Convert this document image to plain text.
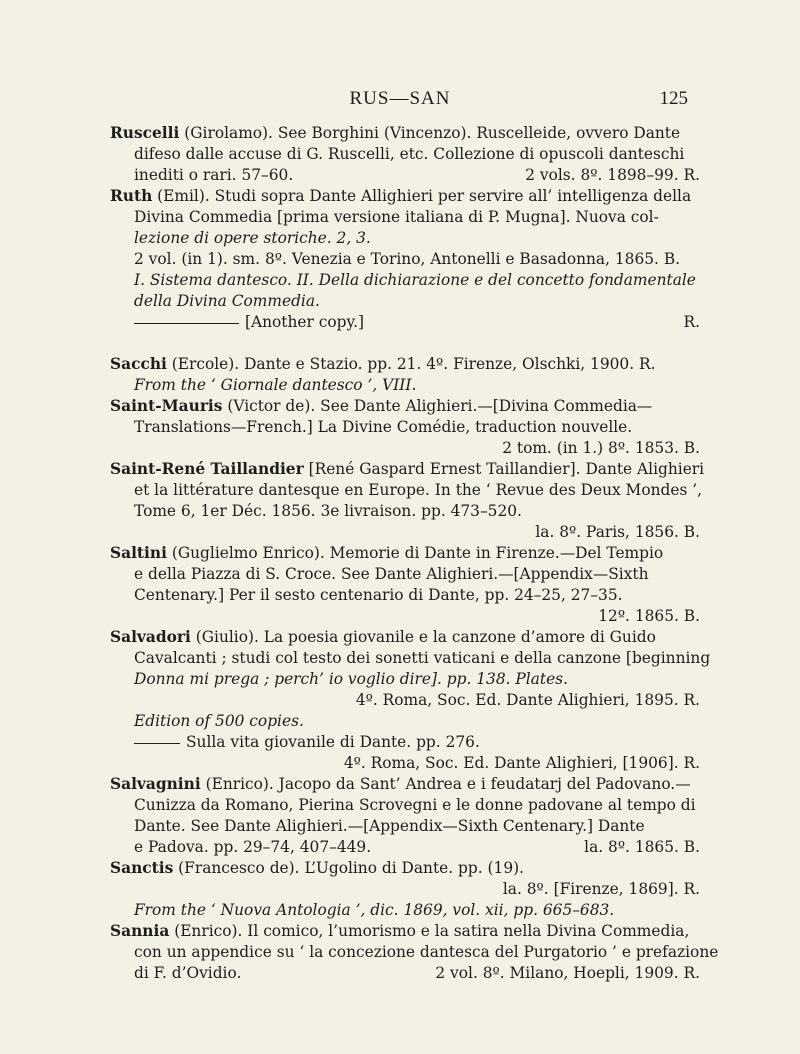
RUS—SAN	125
Ruscelli (Girolamo). See Borghini (Vincenzo). Ruscelleide, ovvero Dante
difeso dalle accuse di G. Ruscelli, etc. Collezione di opuscoli danteschi
inediti o rari. 57–60.	2 vols. 8º. 1898–99. R.
Ruth (Emil). Studi sopra Dante Allighieri per servire all’ intelligenza della
Divina Commedia [prima versione italiana di P. Mugna]. Nuova col-
lezione di opere storiche. 2, 3.
2 vol. (in 1). sm. 8º. Venezia e Torino, Antonelli e Basadonna, 1865. B.
I. Sistema dantesco. II. Della dichiarazione e del concetto fondamentale
della Divina Commedia.
[Another copy.]	R.
Sacchi (Ercole). Dante e Stazio. pp. 21. 4º. Firenze, Olschki, 1900. R.
From the ‘ Giornale dantesco ’, VIII.
Saint-Mauris (Victor de). See Dante Alighieri.—[Divina Commedia—
Translations—French.] La Divine Comédie, traduction nouvelle.
2 tom. (in 1.) 8º. 1853. B.
Saint-René Taillandier [René Gaspard Ernest Taillandier]. Dante Alighieri
et la littérature dantesque en Europe. In the ‘ Revue des Deux Mondes ’,
Tome 6, 1er Déc. 1856. 3e livraison. pp. 473–520.
la. 8º. Paris, 1856. B.
Saltini (Guglielmo Enrico). Memorie di Dante in Firenze.—Del Tempio
e della Piazza di S. Croce. See Dante Alighieri.—[Appendix—Sixth
Centenary.] Per il sesto centenario di Dante, pp. 24–25, 27–35.
12º. 1865. B.
Salvadori (Giulio). La poesia giovanile e la canzone d’amore di Guido
Cavalcanti ; studi col testo dei sonetti vaticani e della canzone [beginning
Donna mi prega ; perch’ io voglio dire]. pp. 138. Plates.
4º. Roma, Soc. Ed. Dante Alighieri, 1895. R.
Edition of 500 copies.
Sulla vita giovanile di Dante. pp. 276.
4º. Roma, Soc. Ed. Dante Alighieri, [1906]. R.
Salvagnini (Enrico). Jacopo da Sant’ Andrea e i feudatarj del Padovano.—
Cunizza da Romano, Pierina Scrovegni e le donne padovane al tempo di
Dante. See Dante Alighieri.—[Appendix—Sixth Centenary.] Dante
e Padova. pp. 29–74, 407–449.	la. 8º. 1865. B.
Sanctis (Francesco de). L’Ugolino di Dante. pp. (19).
la. 8º. [Firenze, 1869]. R.
From the ‘ Nuova Antologia ’, dic. 1869, vol. xii, pp. 665–683.
Sannia (Enrico). Il comico, l’umorismo e la satira nella Divina Commedia,
con un appendice su ‘ la concezione dantesca del Purgatorio ’ e prefazione
di F. d’Ovidio.	2 vol. 8º. Milano, Hoepli, 1909. R.
